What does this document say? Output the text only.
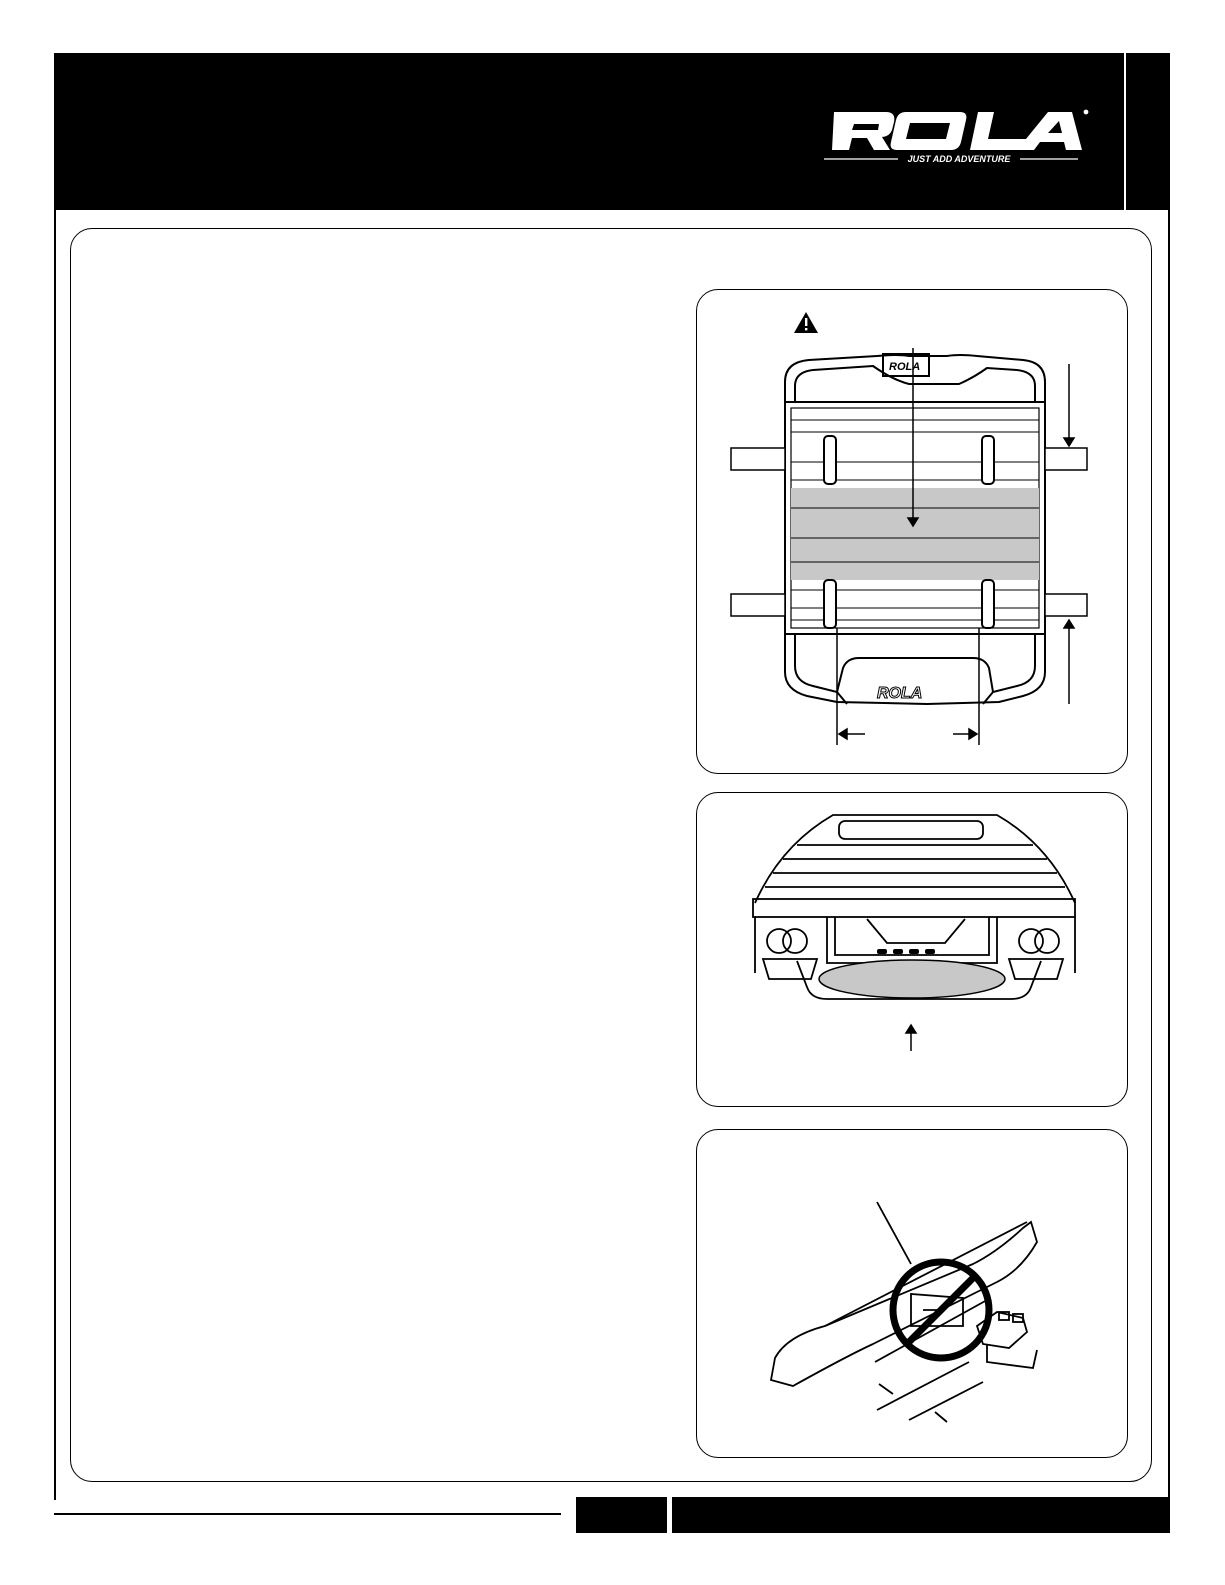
JUST ADD ADVENTURE
ROLA
ROLA
